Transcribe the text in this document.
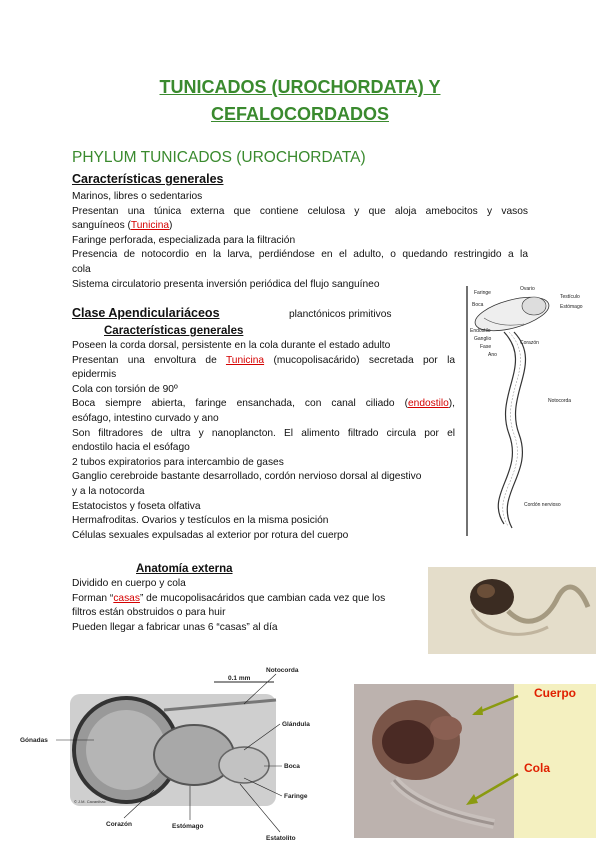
TUNICADOS (UROCHORDATA) Y
CEFALOCORDADOS
PHYLUM TUNICADOS (UROCHORDATA)
Características generales
Marinos, libres o sedentarios
Presentan una túnica externa que contiene celulosa y que aloja amebocitos y vasos
sanguíneos (Tunicina)
Faringe perforada, especializada para la filtración
Presencia de notocordio en la larva, perdiéndose en el adulto, o quedando restringido a la
cola
Sistema circulatorio presenta inversión periódica del flujo sanguíneo
Clase Apendiculariáceos	planctónicos primitivos
Características generales
Poseen la corda dorsal, persistente en la cola durante el estado adulto
Presentan una envoltura de Tunicina (mucopolisacárido) secretada por la
epidermis
Cola con torsión de 90º
Boca siempre abierta, faringe ensanchada, con canal ciliado (endostilo),
esófago, intestino curvado y ano
Son filtradores de ultra y nanoplancton. El alimento filtrado circula por el
endostilo hacia el esófago
2 tubos expiratorios para intercambio de gases
Ganglio cerebroide bastante desarrollado, cordón nervioso dorsal al digestivo
y a la notocorda
Estatocistos y foseta olfativa
Hermafroditas. Ovarios y testículos en la misma posición
Células sexuales expulsadas al exterior por rotura del cuerpo
Anatomía externa
Dividido en cuerpo y cola
Forman “casas” de mucopolisacáridos que cambian cada vez que los
filtros están obstruidos o para huir
Pueden llegar a fabricar unas 6 “casas” al día
Faringe
Boca
Endostilo
Ganglio
Fase
Ano
Ovario
Testículo
Estómago
Corazón
Notocorda
Cordón nervioso
0.1 mm
Notocorda
Gónadas
Glándula
Boca
Faringe
© J.M. Cavanihac
Corazón	Estómago
Estatolito
Cuerpo
Cola
